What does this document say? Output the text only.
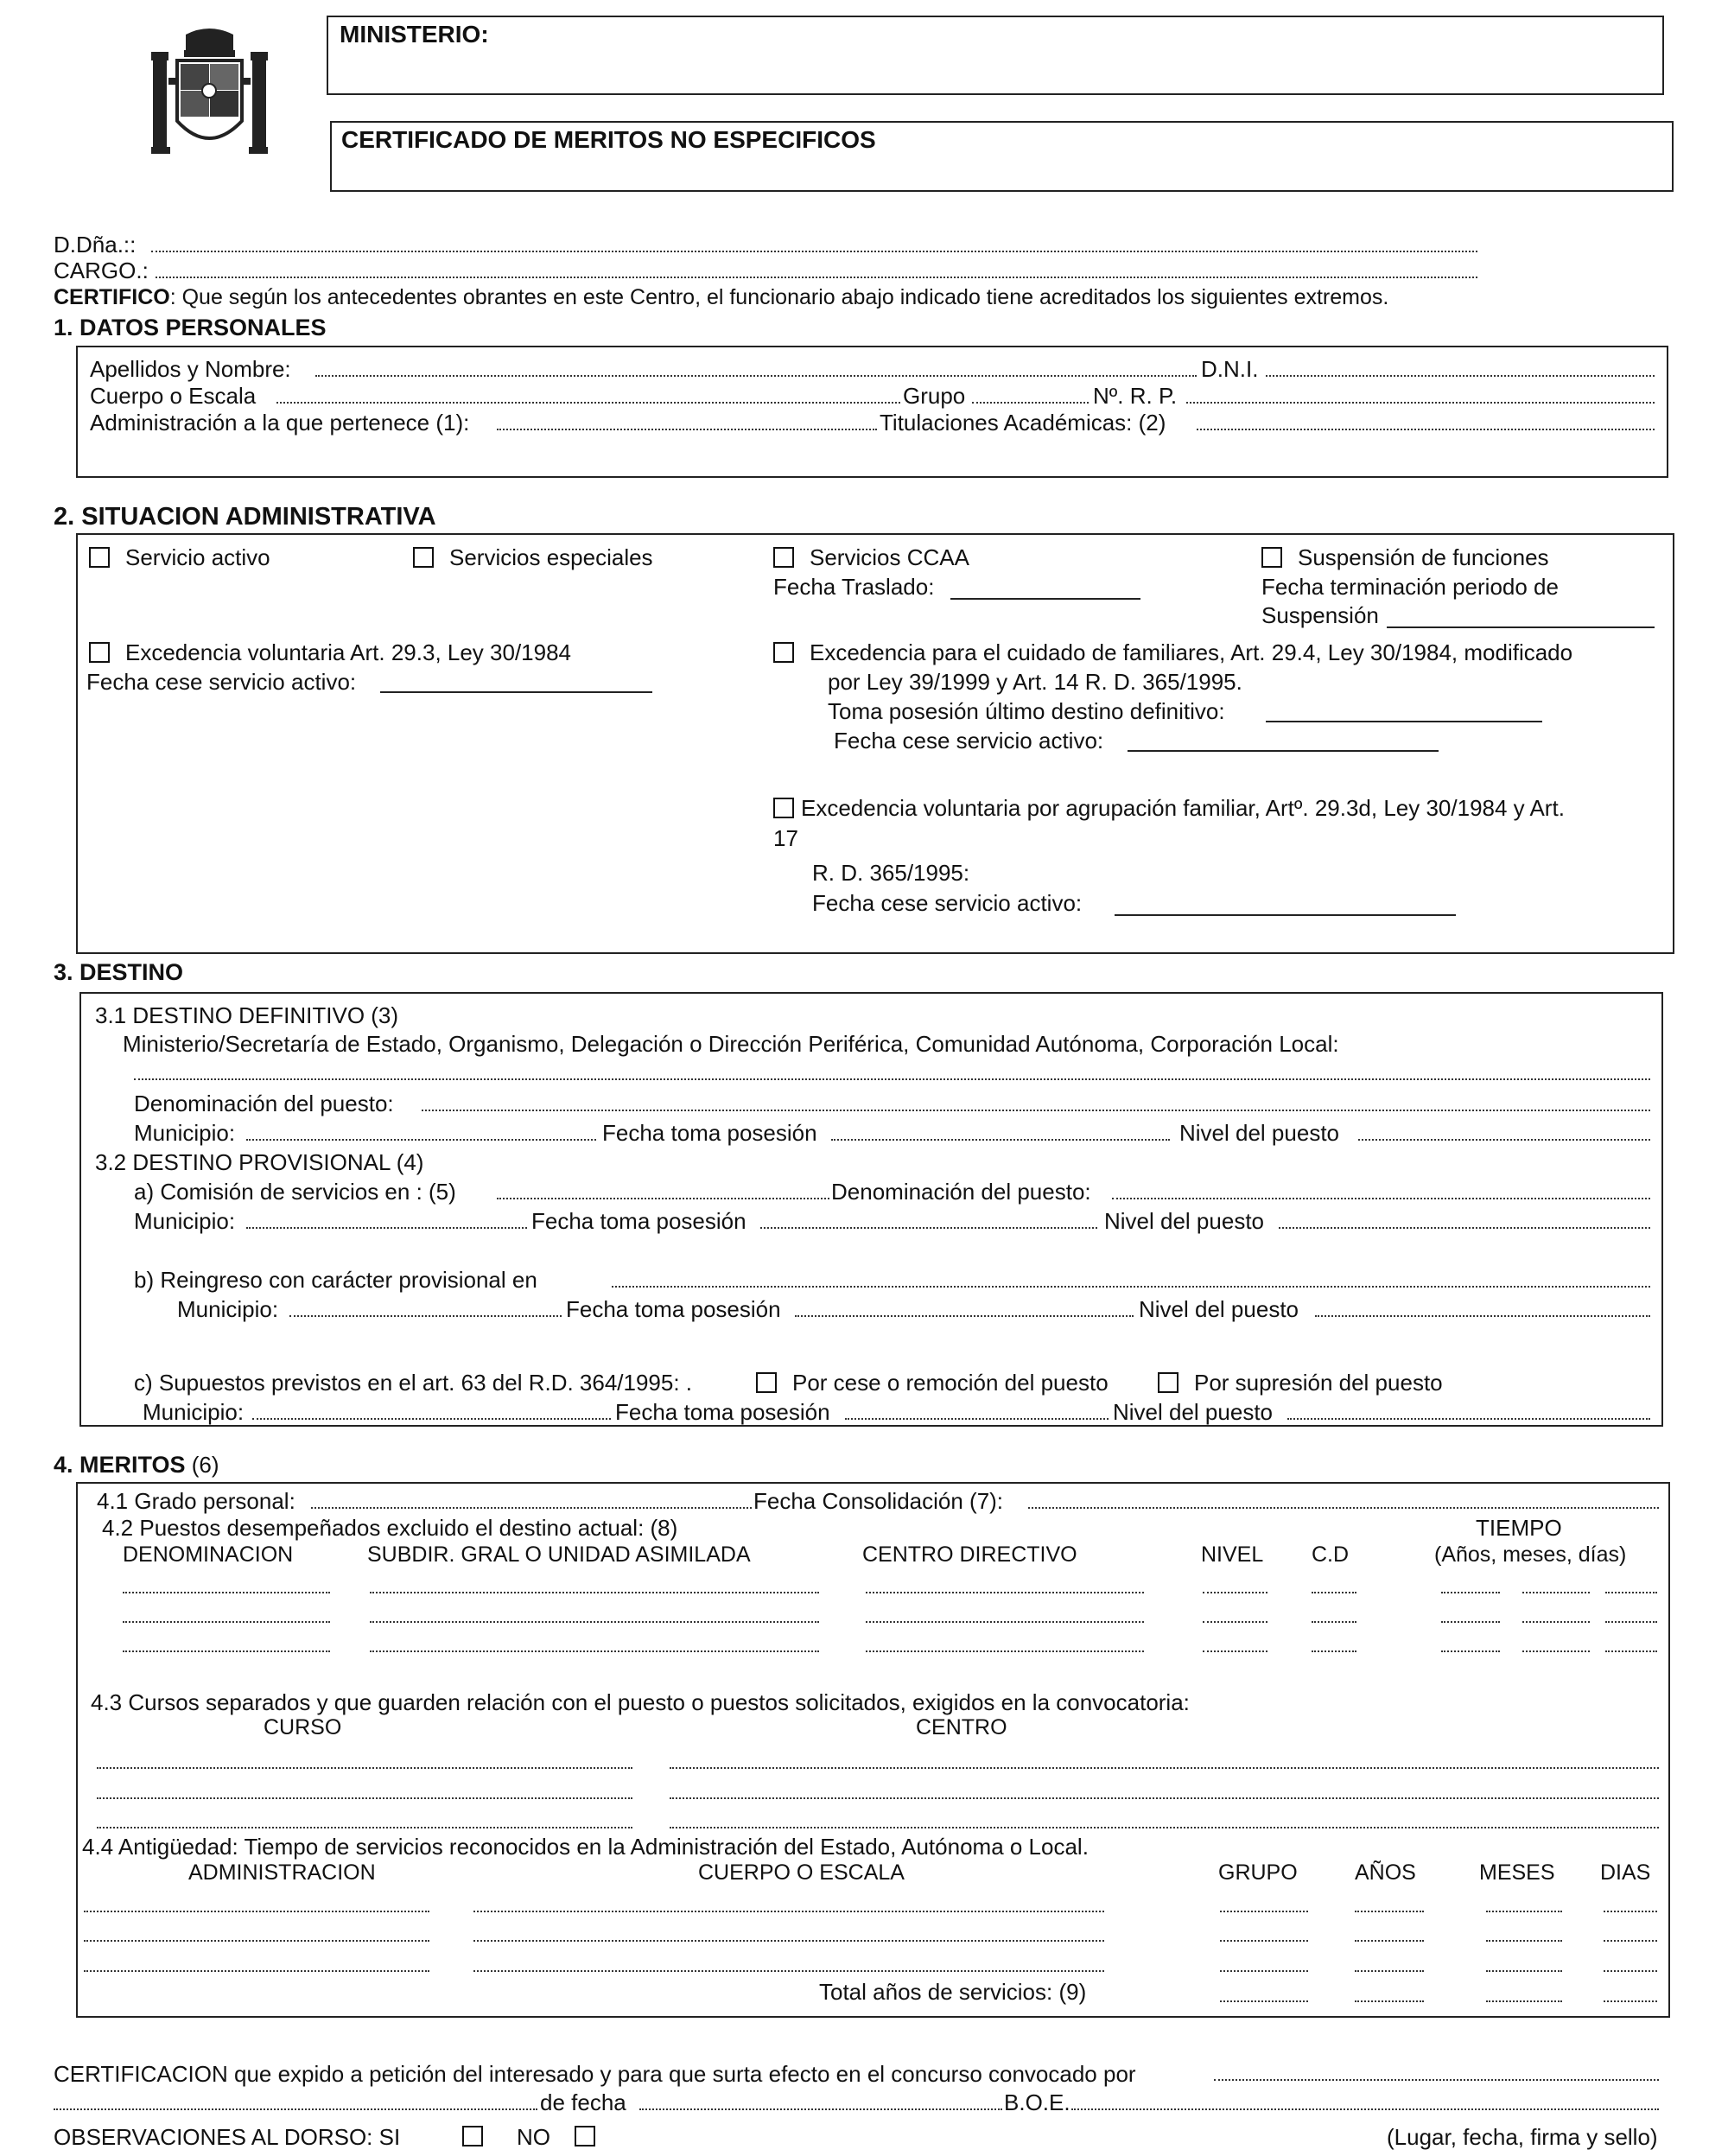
MINISTERIO:
CERTIFICADO DE MERITOS NO ESPECIFICOS
D.Dña.::
CARGO.:
CERTIFICO: Que según los antecedentes obrantes en este Centro, el funcionario abajo indicado tiene acreditados los siguientes extremos.
1. DATOS PERSONALES
Apellidos y Nombre:	D.N.I.
Cuerpo o Escala	Grupo	Nº. R. P.
Administración a la que pertenece (1):	Titulaciones Académicas: (2)
2. SITUACION ADMINISTRATIVA
Servicio activo	Servicios especiales	Servicios CCAA
Fecha Traslado:
Suspensión de funciones
Fecha terminación periodo de
Suspensión
Excedencia voluntaria Art. 29.3, Ley 30/1984
Fecha cese servicio activo:
Excedencia para el cuidado de familiares, Art. 29.4, Ley 30/1984, modificado
por Ley 39/1999 y Art. 14 R. D. 365/1995.
Toma posesión último destino definitivo:
Fecha cese servicio activo:
Excedencia voluntaria por agrupación familiar, Artº. 29.3d, Ley 30/1984 y Art.
17
R. D. 365/1995:
Fecha cese servicio activo:
3. DESTINO
3.1 DESTINO DEFINITIVO (3)
Ministerio/Secretaría de Estado, Organismo, Delegación o Dirección Periférica, Comunidad Autónoma, Corporación Local:
Denominación del puesto:
Municipio:	Fecha toma posesión	Nivel del puesto
3.2 DESTINO PROVISIONAL (4)
a) Comisión de servicios en : (5)	Denominación del puesto:
Municipio:	Fecha toma posesión	Nivel del puesto
b) Reingreso con carácter provisional en
Municipio:	Fecha toma posesión	Nivel del puesto
c) Supuestos previstos en el art. 63 del R.D. 364/1995: .	Por cese o remoción del puesto	Por supresión del puesto
Municipio:	Fecha toma posesión	Nivel del puesto
4. MERITOS (6)
4.1 Grado personal:	Fecha Consolidación (7):
4.2 Puestos desempeñados excluido el destino actual: (8)	TIEMPO
DENOMINACION	SUBDIR. GRAL O UNIDAD ASIMILADA	CENTRO DIRECTIVO	NIVEL C.D	(Años, meses, días)
4.3 Cursos separados y que guarden relación con el puesto o puestos solicitados, exigidos en la convocatoria:
CURSO	CENTRO
4.4 Antigüedad: Tiempo de servicios reconocidos en la Administración del Estado, Autónoma o Local.
ADMINISTRACION	CUERPO O ESCALA	GRUPO	AÑOS	MESES DIAS
Total años de servicios: (9)
CERTIFICACION que expido a petición del interesado y para que surta efecto en el concurso convocado por
de fecha	B.O.E.
OBSERVACIONES AL DORSO: SI	NO	(Lugar, fecha, firma y sello)
